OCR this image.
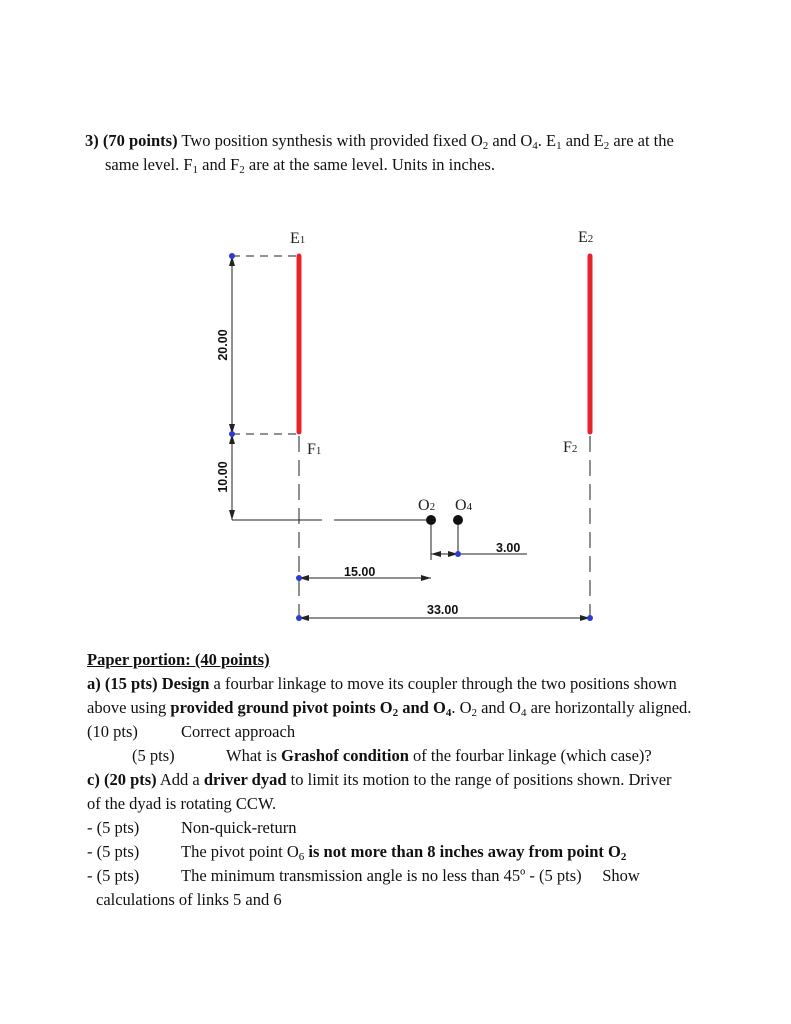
3) (70 points) Two position synthesis with provided fixed $O_2$ and $O_4$. $E_1$ and $E_2$ are at the
same level. $F_1$ and $F_2$ are at the same level. Units in inches.
20.00
10.00
E1	E2
F1	F2
O2 O4
3.00
15.00
33.00
Paper portion: (40 points)
a) (15 pts) Design a fourbar linkage to move its coupler through the two positions shown
above using provided ground pivot points $O_2$ and $O_4$. $O_2$ and $O_4$ are horizontally aligned.
(10 pts)	Correct approach
(5 pts)	What is Grashof condition of the fourbar linkage (which case)?
c) (20 pts) Add a driver dyad to limit its motion to the range of positions shown. Driver
of the dyad is rotating CCW.
- (5 pts)	Non-quick-return
- (5 pts)	The pivot point $O_6$ is not more than 8 inches away from point $O_2$
- (5 pts)	The minimum transmission angle is no less than 45º - (5 pts) Show
calculations of links 5 and 6
